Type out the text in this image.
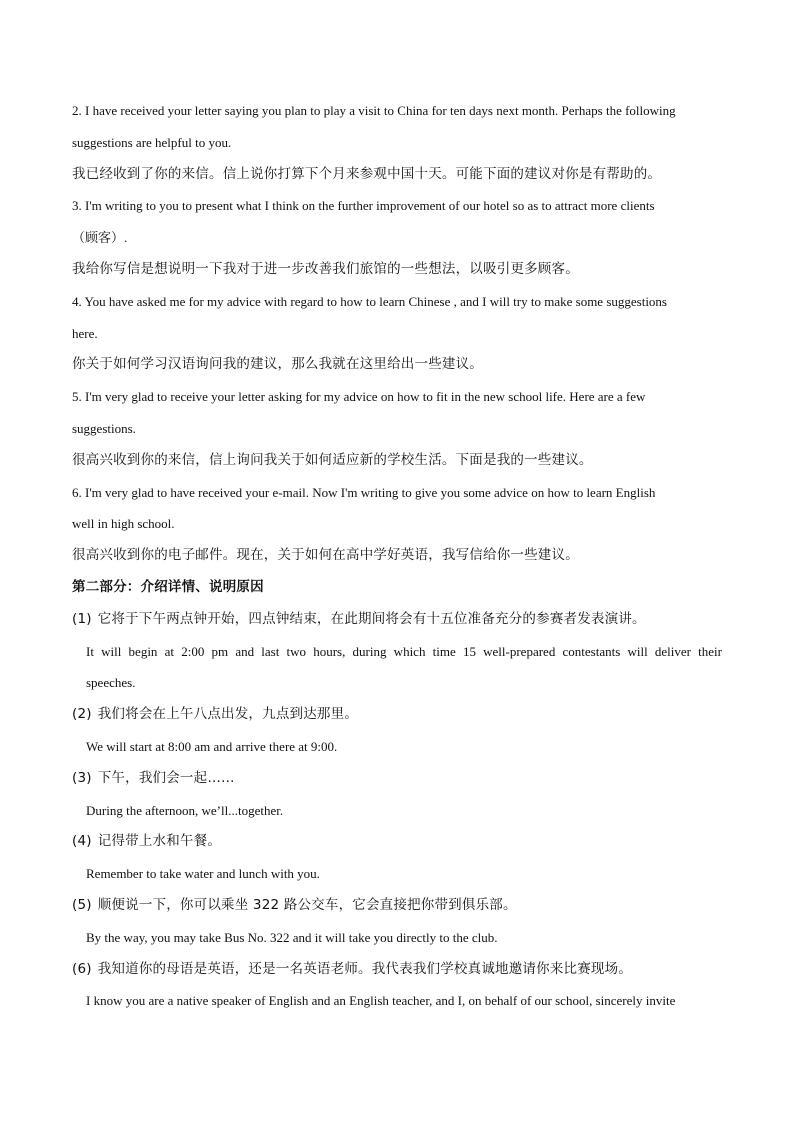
2. I have received your letter saying you plan to play a visit to China for ten days next month. Perhaps the following
suggestions are helpful to you.
我已经收到了你的来信。信上说你打算下个月来参观中国十天。可能下面的建议对你是有帮助的。
3. I'm writing to you to present what I think on the further improvement of our hotel so as to attract more clients
（顾客）.
我给你写信是想说明一下我对于进一步改善我们旅馆的一些想法，以吸引更多顾客。
4. You have asked me for my advice with regard to how to learn Chinese , and I will try to make some suggestions
here.
你关于如何学习汉语询问我的建议，那么我就在这里给出一些建议。
5. I'm very glad to receive your letter asking for my advice on how to fit in the new school life. Here are a few
suggestions.
很高兴收到你的来信，信上询问我关于如何适应新的学校生活。下面是我的一些建议。
6. I'm very glad to have received your e-mail. Now I'm writing to give you some advice on how to learn English
well in high school.
很高兴收到你的电子邮件。现在，关于如何在高中学好英语，我写信给你一些建议。
第二部分：介绍详情、说明原因
(1) 它将于下午两点钟开始，四点钟结束，在此期间将会有十五位准备充分的参赛者发表演讲。
It will begin at 2:00 pm and last two hours, during which time 15 well-prepared contestants will deliver their
speeches.
(2) 我们将会在上午八点出发，九点到达那里。
We will start at 8:00 am and arrive there at 9:00.
(3) 下午，我们会一起……
During the afternoon, we’ll...together.
(4) 记得带上水和午餐。
Remember to take water and lunch with you.
(5) 顺便说一下，你可以乘坐 322 路公交车，它会直接把你带到俱乐部。
By the way, you may take Bus No. 322 and it will take you directly to the club.
(6) 我知道你的母语是英语，还是一名英语老师。我代表我们学校真诚地邀请你来比赛现场。
I know you are a native speaker of English and an English teacher, and I, on behalf of our school, sincerely invite
